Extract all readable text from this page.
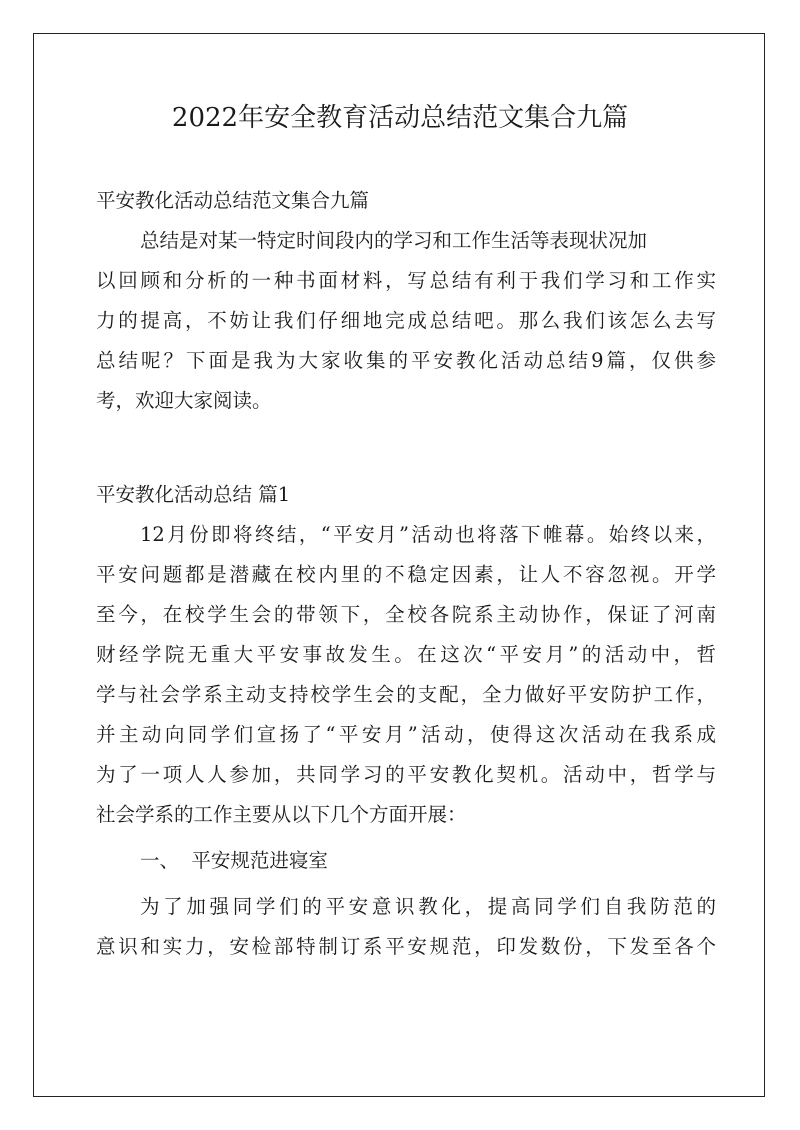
2022年安全教育活动总结范文集合九篇
平安教化活动总结范文集合九篇
总结是对某一特定时间段内的学习和工作生活等表现状况加
以回顾和分析的一种书面材料，写总结有利于我们学习和工作实
力的提高，不妨让我们仔细地完成总结吧。那么我们该怎么去写
总结呢？下面是我为大家收集的平安教化活动总结9篇，仅供参
考，欢迎大家阅读。
平安教化活动总结 篇1
12月份即将终结，“平安月”活动也将落下帷幕。始终以来，
平安问题都是潜藏在校内里的不稳定因素，让人不容忽视。开学
至今，在校学生会的带领下，全校各院系主动协作，保证了河南
财经学院无重大平安事故发生。在这次“平安月”的活动中，哲
学与社会学系主动支持校学生会的支配，全力做好平安防护工作，
并主动向同学们宣扬了“平安月”活动，使得这次活动在我系成
为了一项人人参加，共同学习的平安教化契机。活动中，哲学与
社会学系的工作主要从以下几个方面开展：
一、  平安规范进寝室
为了加强同学们的平安意识教化，提高同学们自我防范的
意识和实力，安检部特制订系平安规范，印发数份，下发至各个
